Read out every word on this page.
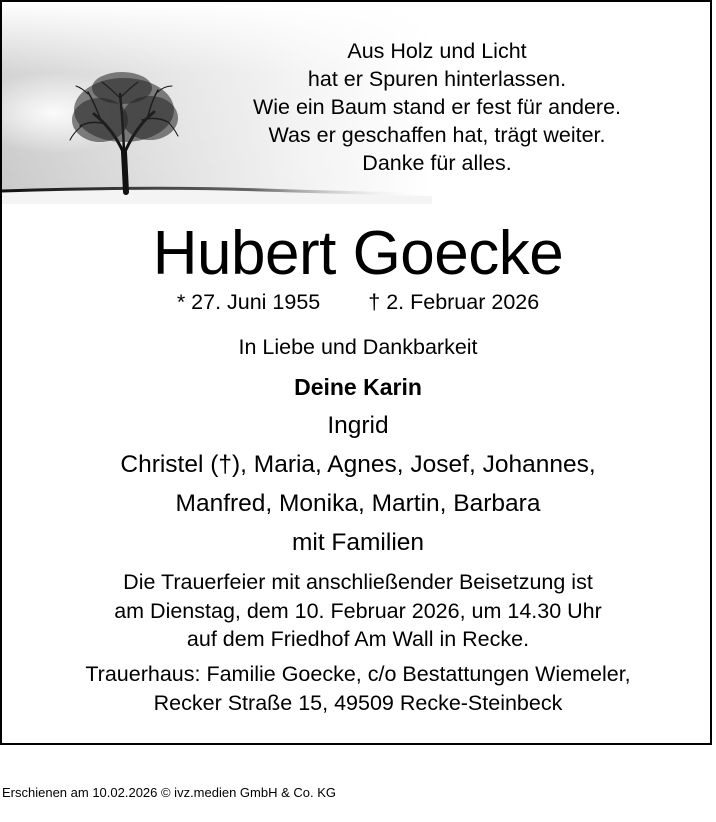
Aus Holz und Licht
hat er Spuren hinterlassen.
Wie ein Baum stand er fest für andere.
Was er geschaffen hat, trägt weiter.
Danke für alles.
Hubert Goecke
* 27. Juni 1955 † 2. Februar 2026
In Liebe und Dankbarkeit
Deine Karin
Ingrid
Christel (†), Maria, Agnes, Josef, Johannes,
Manfred, Monika, Martin, Barbara
mit Familien
Die Trauerfeier mit anschließender Beisetzung ist
am Dienstag, dem 10. Februar 2026, um 14.30 Uhr
auf dem Friedhof Am Wall in Recke.
Trauerhaus: Familie Goecke, c/o Bestattungen Wiemeler,
Recker Straße 15, 49509 Recke-Steinbeck
Erschienen am 10.02.2026 © ivz.medien GmbH & Co. KG
